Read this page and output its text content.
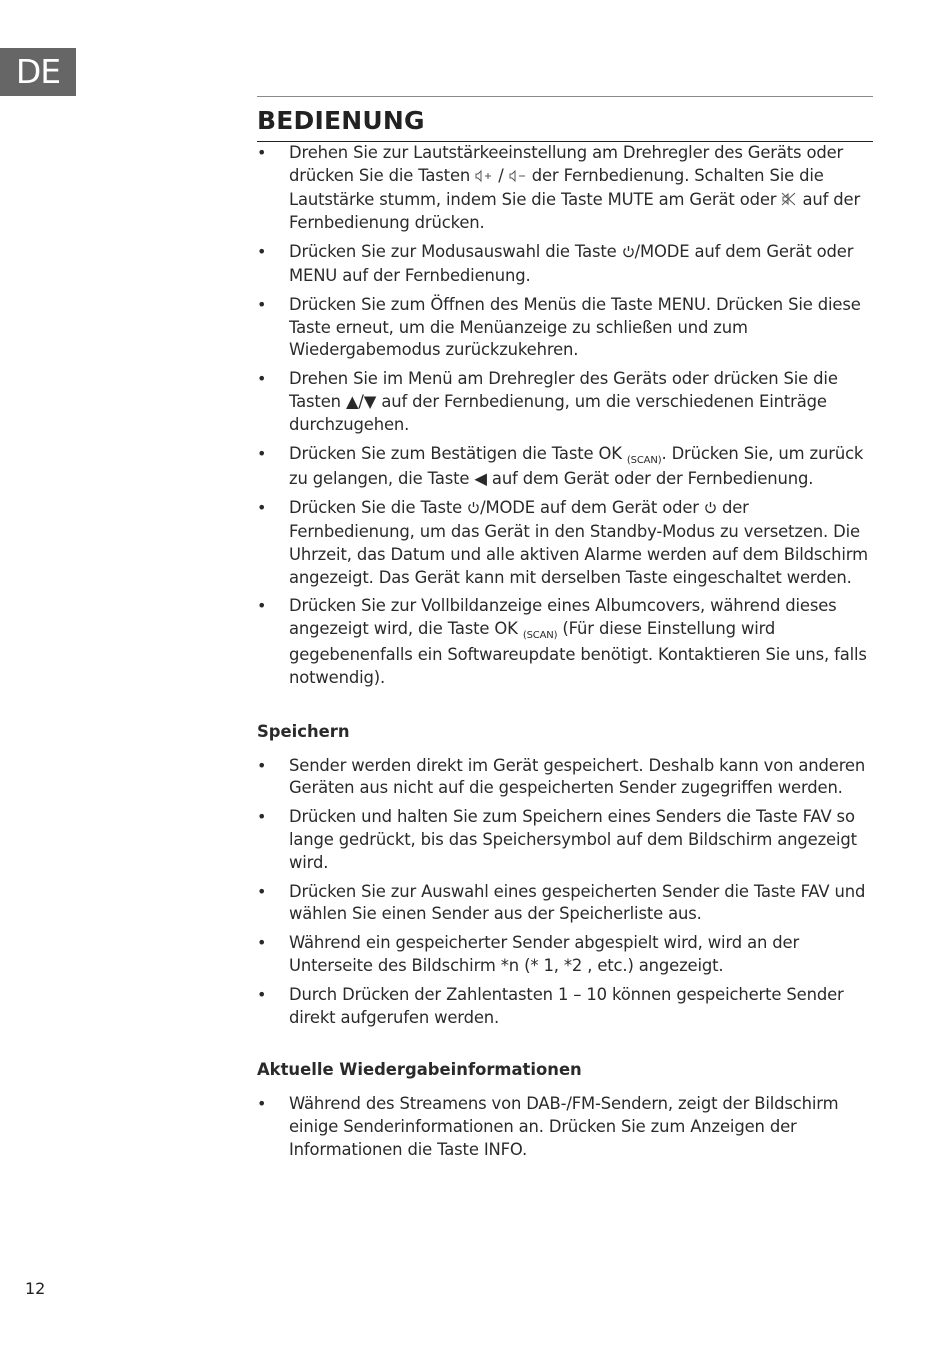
DE
BEDIENUNG
• Drehen Sie zur Lautstärkeeinstellung am Drehregler des Geräts oder drücken Sie die Tasten  /  der Fernbedienung. Schalten Sie die Lautstärke stumm, indem Sie die Taste MUTE am Gerät oder  auf der Fernbedienung drücken.
• Drücken Sie zur Modusauswahl die Taste /MODE auf dem Gerät oder MENU auf der Fernbedienung.
• Drücken Sie zum Öffnen des Menüs die Taste MENU. Drücken Sie diese Taste erneut, um die Menüanzeige zu schließen und zum Wiedergabemodus zurückzukehren.
• Drehen Sie im Menü am Drehregler des Geräts oder drücken Sie die Tasten ▲/▼ auf der Fernbedienung, um die verschiedenen Einträge durchzugehen.
• Drücken Sie zum Bestätigen die Taste OK $_{(SCAN)}$. Drücken Sie, um zurück zu gelangen, die Taste ◀ auf dem Gerät oder der Fernbedienung.
• Drücken Sie die Taste /MODE auf dem Gerät oder  der Fernbedienung, um das Gerät in den Standby-Modus zu versetzen. Die Uhrzeit, das Datum und alle aktiven Alarme werden auf dem Bildschirm angezeigt. Das Gerät kann mit derselben Taste eingeschaltet werden.
• Drücken Sie zur Vollbildanzeige eines Albumcovers, während dieses angezeigt wird, die Taste OK $_{(SCAN)}$ (Für diese Einstellung wird gegebenenfalls ein Softwareupdate benötigt. Kontaktieren Sie uns, falls notwendig).
Speichern
• Sender werden direkt im Gerät gespeichert. Deshalb kann von anderen Geräten aus nicht auf die gespeicherten Sender zugegriffen werden.
• Drücken und halten Sie zum Speichern eines Senders die Taste FAV so lange gedrückt, bis das Speichersymbol auf dem Bildschirm angezeigt wird.
• Drücken Sie zur Auswahl eines gespeicherten Sender die Taste FAV und wählen Sie einen Sender aus der Speicherliste aus.
• Während ein gespeicherter Sender abgespielt wird, wird an der Unterseite des Bildschirm *n (* 1, *2 , etc.) angezeigt.
• Durch Drücken der Zahlentasten 1 – 10 können gespeicherte Sender direkt aufgerufen werden.
Aktuelle Wiedergabeinformationen
• Während des Streamens von DAB-/FM-Sendern, zeigt der Bildschirm einige Senderinformationen an. Drücken Sie zum Anzeigen der Informationen die Taste INFO.
12
